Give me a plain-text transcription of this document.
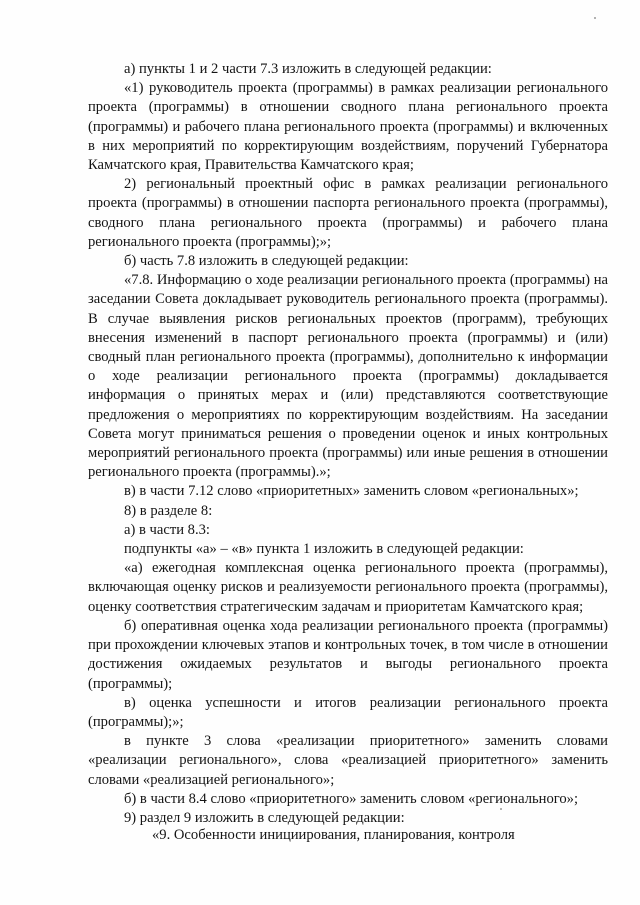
а) пункты 1 и 2 части 7.3 изложить в следующей редакции:

«1) руководитель проекта (программы) в рамках реализации регионального проекта (программы) в отношении сводного плана регионального проекта (программы) и рабочего плана регионального проекта (программы) и включенных в них мероприятий по корректирующим воздействиям, поручений Губернатора Камчатского края, Правительства Камчатского края;

2) региональный проектный офис в рамках реализации регионального проекта (программы) в отношении паспорта регионального проекта (программы), сводного плана регионального проекта (программы) и рабочего плана регионального проекта (программы);»;

б) часть 7.8 изложить в следующей редакции:

«7.8. Информацию о ходе реализации регионального проекта (программы) на заседании Совета докладывает руководитель регионального проекта (программы). В случае выявления рисков региональных проектов (программ), требующих внесения изменений в паспорт регионального проекта (программы) и (или) сводный план регионального проекта (программы), дополнительно к информации о ходе реализации регионального проекта (программы) докладывается информация о принятых мерах и (или) представляются соответствующие предложения о мероприятиях по корректирующим воздействиям. На заседании Совета могут приниматься решения о проведении оценок и иных контрольных мероприятий регионального проекта (программы) или иные решения в отношении регионального проекта (программы).»;

в) в части 7.12 слово «приоритетных» заменить словом «региональных»;

8) в разделе 8:

а) в части 8.3:

подпункты «а» – «в» пункта 1 изложить в следующей редакции:

«а) ежегодная комплексная оценка регионального проекта (программы), включающая оценку рисков и реализуемости регионального проекта (программы), оценку соответствия стратегическим задачам и приоритетам Камчатского края;

б) оперативная оценка хода реализации регионального проекта (программы) при прохождении ключевых этапов и контрольных точек, в том числе в отношении достижения ожидаемых результатов и выгоды регионального проекта (программы);

в) оценка успешности и итогов реализации регионального проекта (программы);»;

в пункте 3 слова «реализации приоритетного» заменить словами «реализации регионального», слова «реализацией приоритетного» заменить словами «реализацией регионального»;

б) в части 8.4 слово «приоритетного» заменить словом «регионального»;

9) раздел 9 изложить в следующей редакции:

«9. Особенности инициирования, планирования, контроля
